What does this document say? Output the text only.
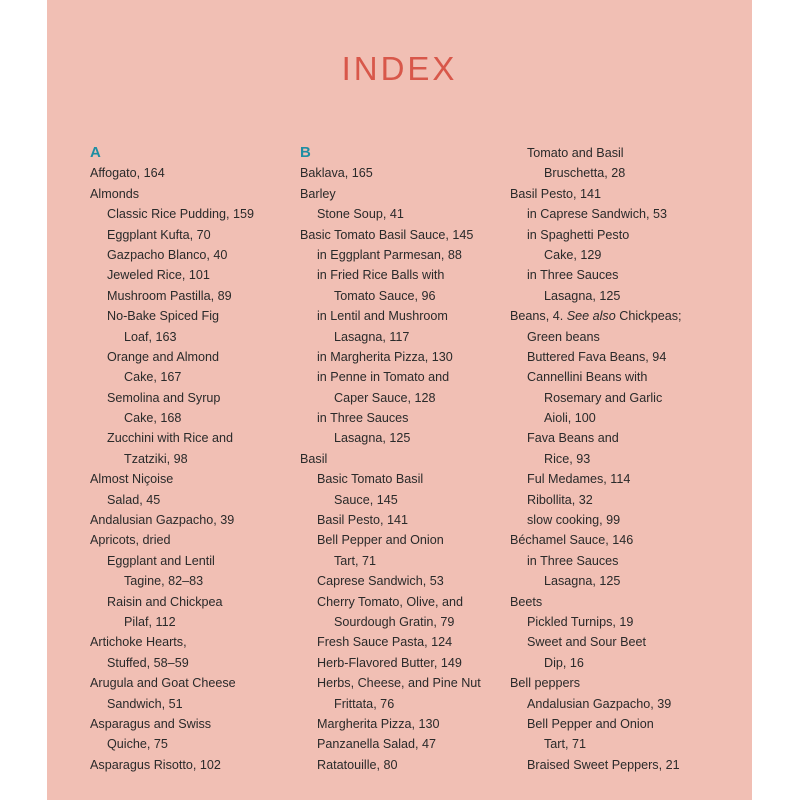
INDEX
A
Affogato, 164
Almonds
Classic Rice Pudding, 159
Eggplant Kufta, 70
Gazpacho Blanco, 40
Jeweled Rice, 101
Mushroom Pastilla, 89
No-Bake Spiced Fig
Loaf, 163
Orange and Almond
Cake, 167
Semolina and Syrup
Cake, 168
Zucchini with Rice and
Tzatziki, 98
Almost Niçoise
Salad, 45
Andalusian Gazpacho, 39
Apricots, dried
Eggplant and Lentil
Tagine, 82–83
Raisin and Chickpea
Pilaf, 112
Artichoke Hearts,
Stuffed, 58–59
Arugula and Goat Cheese
Sandwich, 51
Asparagus and Swiss
Quiche, 75
Asparagus Risotto, 102
B
Baklava, 165
Barley
Stone Soup, 41
Basic Tomato Basil Sauce, 145
in Eggplant Parmesan, 88
in Fried Rice Balls with
Tomato Sauce, 96
in Lentil and Mushroom
Lasagna, 117
in Margherita Pizza, 130
in Penne in Tomato and
Caper Sauce, 128
in Three Sauces
Lasagna, 125
Basil
Basic Tomato Basil
Sauce, 145
Basil Pesto, 141
Bell Pepper and Onion
Tart, 71
Caprese Sandwich, 53
Cherry Tomato, Olive, and
Sourdough Gratin, 79
Fresh Sauce Pasta, 124
Herb-Flavored Butter, 149
Herbs, Cheese, and Pine Nut
Frittata, 76
Margherita Pizza, 130
Panzanella Salad, 47
Ratatouille, 80
Tomato and Basil
Bruschetta, 28
Basil Pesto, 141
in Caprese Sandwich, 53
in Spaghetti Pesto
Cake, 129
in Three Sauces
Lasagna, 125
Beans, 4. See also Chickpeas;
Green beans
Buttered Fava Beans, 94
Cannellini Beans with
Rosemary and Garlic
Aioli, 100
Fava Beans and
Rice, 93
Ful Medames, 114
Ribollita, 32
slow cooking, 99
Béchamel Sauce, 146
in Three Sauces
Lasagna, 125
Beets
Pickled Turnips, 19
Sweet and Sour Beet
Dip, 16
Bell peppers
Andalusian Gazpacho, 39
Bell Pepper and Onion
Tart, 71
Braised Sweet Peppers, 21
